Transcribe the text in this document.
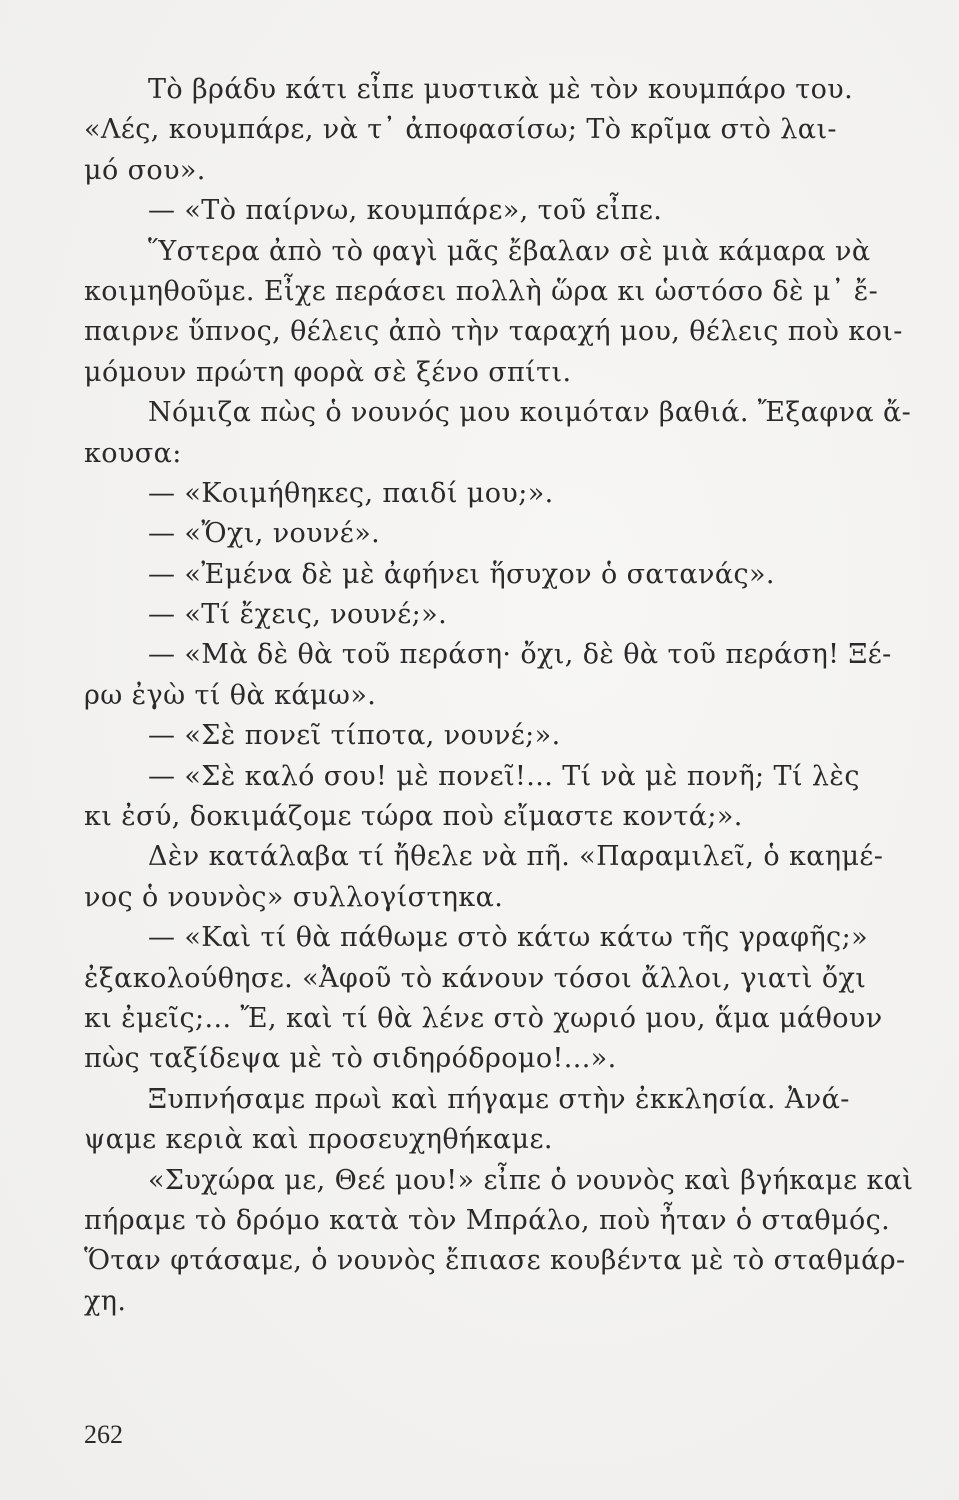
Τὸ βράδυ κάτι εἶπε μυστικὰ μὲ τὸν κουμπάρο του.
«Λές, κουμπάρε, νὰ τ᾽ ἀποφασίσω; Τὸ κρῖμα στὸ λαι-
μό σου».
— «Τὸ παίρνω, κουμπάρε», τοῦ εἶπε.
Ὕστερα ἀπὸ τὸ φαγὶ μᾶς ἔβαλαν σὲ μιὰ κάμαρα νὰ
κοιμηθοῦμε. Εἶχε περάσει πολλὴ ὥρα κι ὡστόσο δὲ μ᾽ ἔ-
παιρνε ὕπνος, θέλεις ἀπὸ τὴν ταραχή μου, θέλεις ποὺ κοι-
μόμουν πρώτη φορὰ σὲ ξένο σπίτι.
Νόμιζα πὼς ὁ νουνός μου κοιμόταν βαθιά. Ἔξαφνα ἄ-
κουσα:
— «Κοιμήθηκες, παιδί μου;».
— «Ὄχι, νουνέ».
— «Ἐμένα δὲ μὲ ἀφήνει ἥσυχον ὁ σατανάς».
— «Τί ἔχεις, νουνέ;».
— «Μὰ δὲ θὰ τοῦ περάση· ὄχι, δὲ θὰ τοῦ περάση! Ξέ-
ρω ἐγὼ τί θὰ κάμω».
— «Σὲ πονεῖ τίποτα, νουνέ;».
— «Σὲ καλό σου! μὲ πονεῖ!... Τί νὰ μὲ πονῆ; Τί λὲς
κι ἐσύ, δοκιμάζομε τώρα ποὺ εἴμαστε κοντά;».
Δὲν κατάλαβα τί ἤθελε νὰ πῆ. «Παραμιλεῖ, ὁ καημέ-
νος ὁ νουνὸς» συλλογίστηκα.
— «Καὶ τί θὰ πάθωμε στὸ κάτω κάτω τῆς γραφῆς;»
ἐξακολούθησε. «Ἀφοῦ τὸ κάνουν τόσοι ἄλλοι, γιατὶ ὄχι
κι ἐμεῖς;... Ἔ, καὶ τί θὰ λένε στὸ χωριό μου, ἅμα μάθουν
πὼς ταξίδεψα μὲ τὸ σιδηρόδρομο!...».
Ξυπνήσαμε πρωὶ καὶ πήγαμε στὴν ἐκκλησία. Ἀνά-
ψαμε κεριὰ καὶ προσευχηθήκαμε.
«Συχώρα με, Θεέ μου!» εἶπε ὁ νουνὸς καὶ βγήκαμε καὶ
πήραμε τὸ δρόμο κατὰ τὸν Μπράλο, ποὺ ἦταν ὁ σταθμός.
Ὅταν φτάσαμε, ὁ νουνὸς ἔπιασε κουβέντα μὲ τὸ σταθμάρ-
χη.
262
